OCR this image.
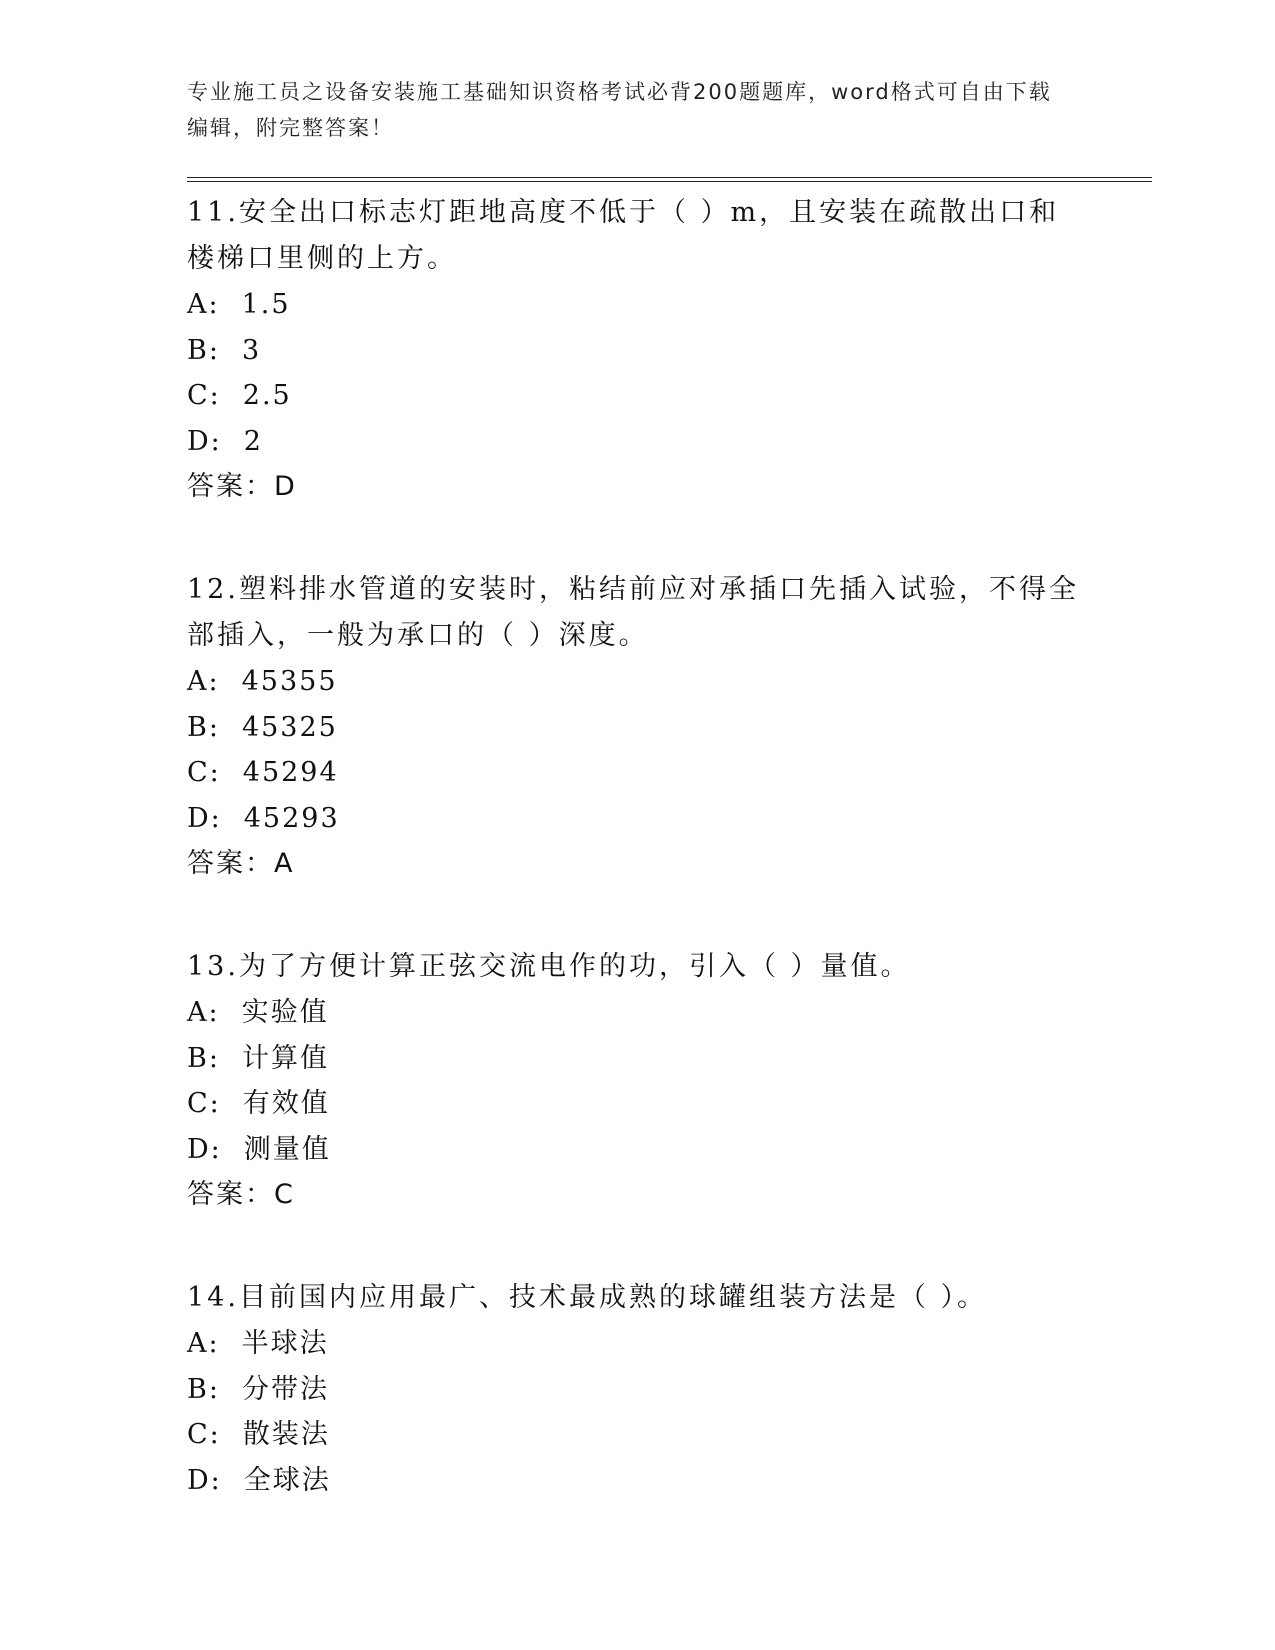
专业施工员之设备安装施工基础知识资格考试必背200题题库，word格式可自由下载编辑，附完整答案！
11.安全出口标志灯距地高度不低于（ ）m，且安装在疏散出口和楼梯口里侧的上方。
A: 1.5
B: 3
C: 2.5
D: 2
答案：D
12.塑料排水管道的安装时，粘结前应对承插口先插入试验，不得全部插入，一般为承口的（ ）深度。
A: 45355
B: 45325
C: 45294
D: 45293
答案：A
13.为了方便计算正弦交流电作的功，引入（ ）量值。
A: 实验值
B: 计算值
C: 有效值
D: 测量值
答案：C
14.目前国内应用最广、技术最成熟的球罐组装方法是（ ）。
A: 半球法
B: 分带法
C: 散装法
D: 全球法
